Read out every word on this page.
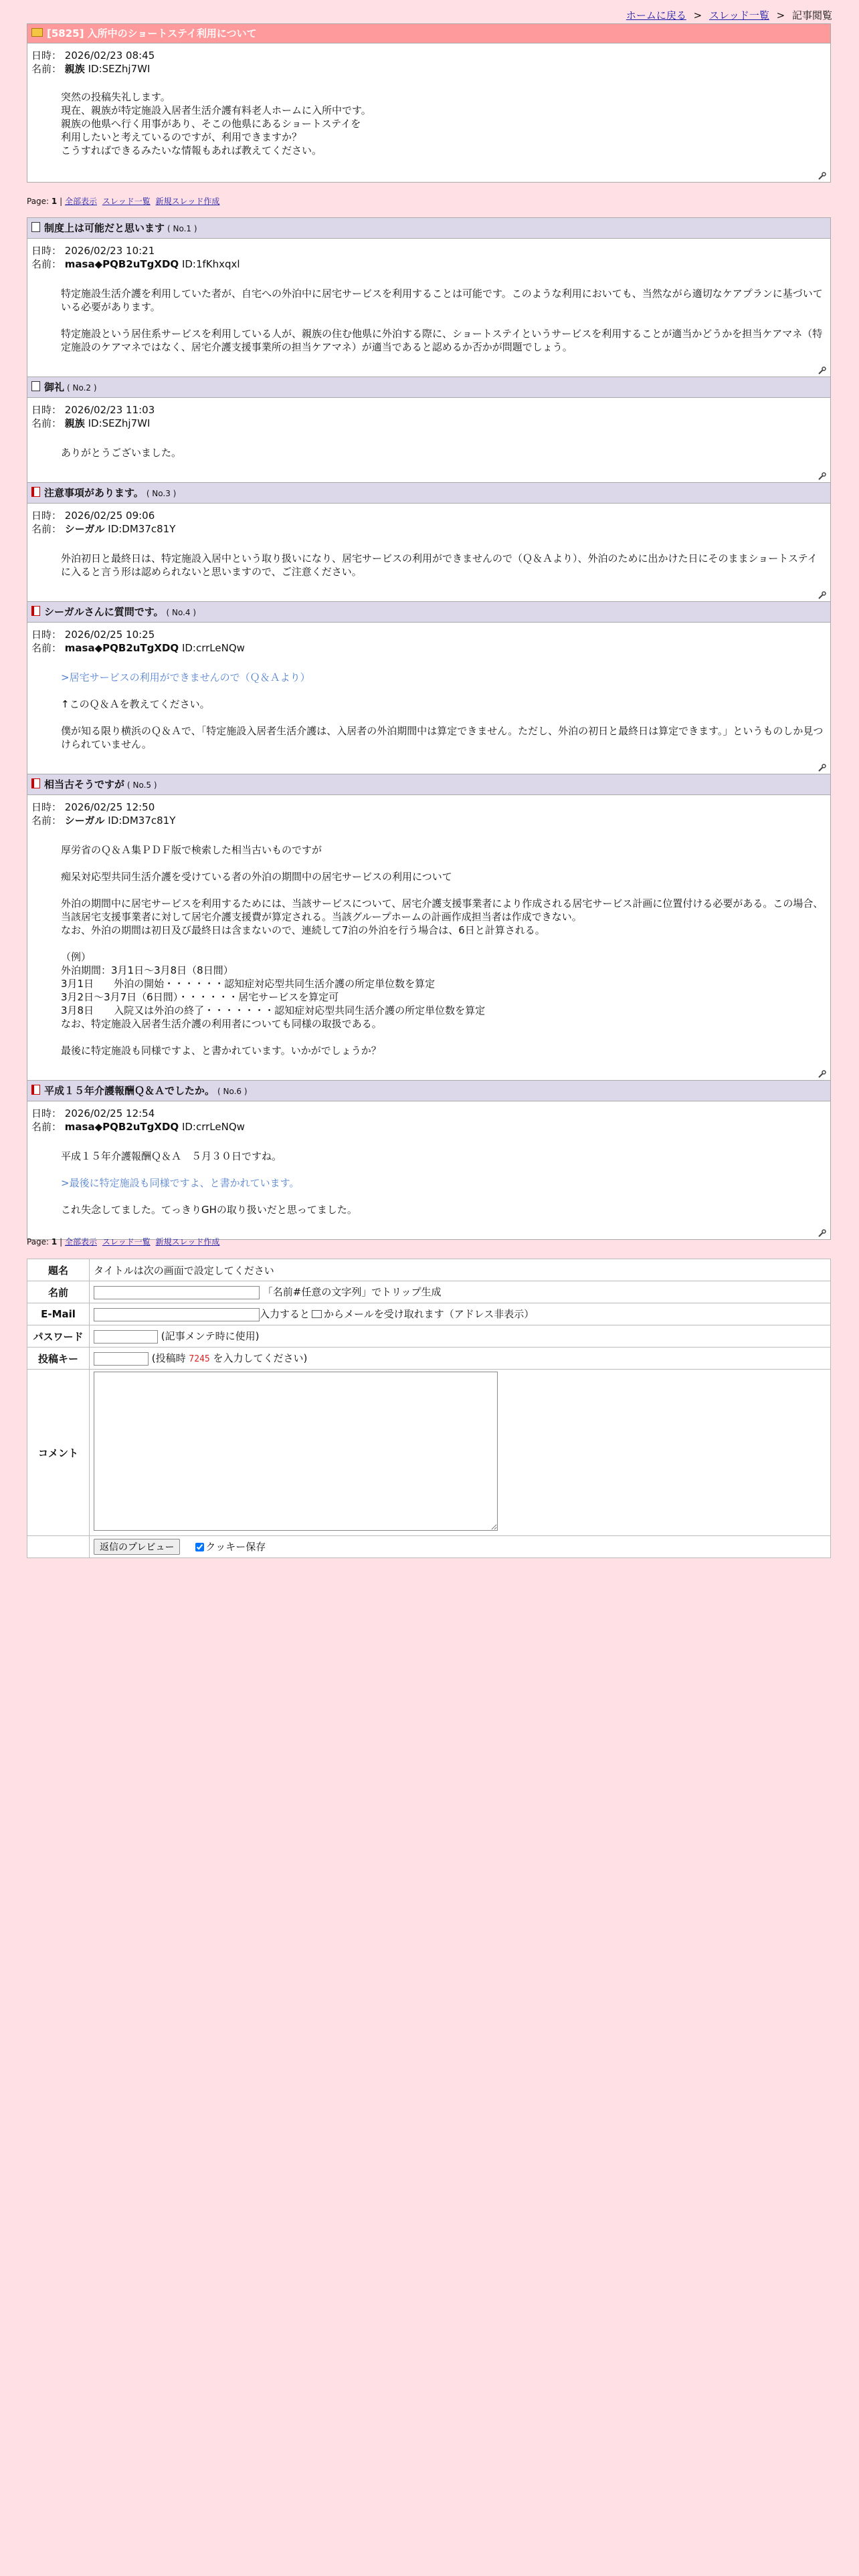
ホームに戻る > スレッド一覧 > 記事閲覧
[5825] 入所中のショートステイ利用について
日時： 2026/02/23 08:45
名前： 親族 ID:SEZhj7WI
突然の投稿失礼します。
現在、親族が特定施設入居者生活介護有料老人ホームに入所中です。
親族の他県へ行く用事があり、そこの他県にあるショートステイを
利用したいと考えているのですが、利用できますか？
こうすればできるみたいな情報もあれば教えてください。
Page: 1 | 全部表示 スレッド一覧 新規スレッド作成
制度上は可能だと思います ( No.1 )
日時： 2026/02/23 10:21
名前： masa◆PQB2uTgXDQ ID:1fKhxqxl

特定施設生活介護を利用していた者が、自宅への外泊中に居宅サービスを利用することは可能です。このような利用においても、当然ながら適切なケアプランに基づいている必要があります。

特定施設という居住系サービスを利用している人が、親族の住む他県に外泊する際に、ショートステイというサービスを利用することが適当かどうかを担当ケアマネ（特定施設のケアマネではなく、居宅介護支援事業所の担当ケアマネ）が適当であると認めるか否かが問題でしょう。

御礼 ( No.2 )
日時： 2026/02/23 11:03
名前： 親族 ID:SEZhj7WI

ありがとうございました。

注意事項があります。 ( No.3 )
日時： 2026/02/25 09:06
名前： シーガル ID:DM37c81Y

外泊初日と最終日は、特定施設入居中という取り扱いになり、居宅サービスの利用ができませんので（Ｑ＆Ａより）、外泊のために出かけた日にそのままショートステイに入ると言う形は認められないと思いますので、ご注意ください。

シーガルさんに質問です。 ( No.4 )
日時： 2026/02/25 10:25
名前： masa◆PQB2uTgXDQ ID:crrLeNQw

>居宅サービスの利用ができませんので（Ｑ＆Ａより）

↑このＱ＆Ａを教えてください。

僕が知る限り横浜のＱ＆Ａで、「特定施設入居者生活介護は、入居者の外泊期間中は算定できません。ただし、外泊の初日と最終日は算定できます。」というものしか見つけられていません。

相当古そうですが ( No.5 )
日時： 2026/02/25 12:50
名前： シーガル ID:DM37c81Y

厚労省のＱ＆Ａ集ＰＤＦ版で検索した相当古いものですが

痴呆対応型共同生活介護を受けている者の外泊の期間中の居宅サービスの利用について

外泊の期間中に居宅サービスを利用するためには、当該サービスについて、居宅介護支援事業者により作成される居宅サービス計画に位置付ける必要がある。この場合、当該居宅支援事業者に対して居宅介護支援費が算定される。当該グループホームの計画作成担当者は作成できない。
なお、外泊の期間は初日及び最終日は含まないので、連続して7泊の外泊を行う場合は、6日と計算される。

（例）
外泊期間：3月1日〜3月8日（8日間）
3月1日　　外泊の開始・・・・・・認知症対応型共同生活介護の所定単位数を算定
3月2日〜3月7日（6日間）・・・・・・居宅サービスを算定可
3月8日　　入院又は外泊の終了・・・・・・・認知症対応型共同生活介護の所定単位数を算定
なお、特定施設入居者生活介護の利用者についても同様の取扱である。

最後に特定施設も同様ですよ、と書かれています。いかがでしょうか？

平成１５年介護報酬Ｑ＆Ａでしたか。 ( No.6 )
日時： 2026/02/25 12:54
名前： masa◆PQB2uTgXDQ ID:crrLeNQw

平成１５年介護報酬Ｑ＆Ａ　５月３０日ですね。

>最後に特定施設も同様ですよ、と書かれています。

これ失念してました。てっきりGHの取り扱いだと思ってました。

Page: 1 | 全部表示 スレッド一覧 新規スレッド作成
題名	タイトルは次の画面で設定してください
名前	「名前#任意の文字列」でトリップ生成
E-Mail	入力すると からメールを受け取れます（アドレス非表示）
パスワード	(記事メンテ時に使用)
投稿キー	(投稿時 7245 を入力してください)
コメント	
	返信のプレビュー クッキー保存
